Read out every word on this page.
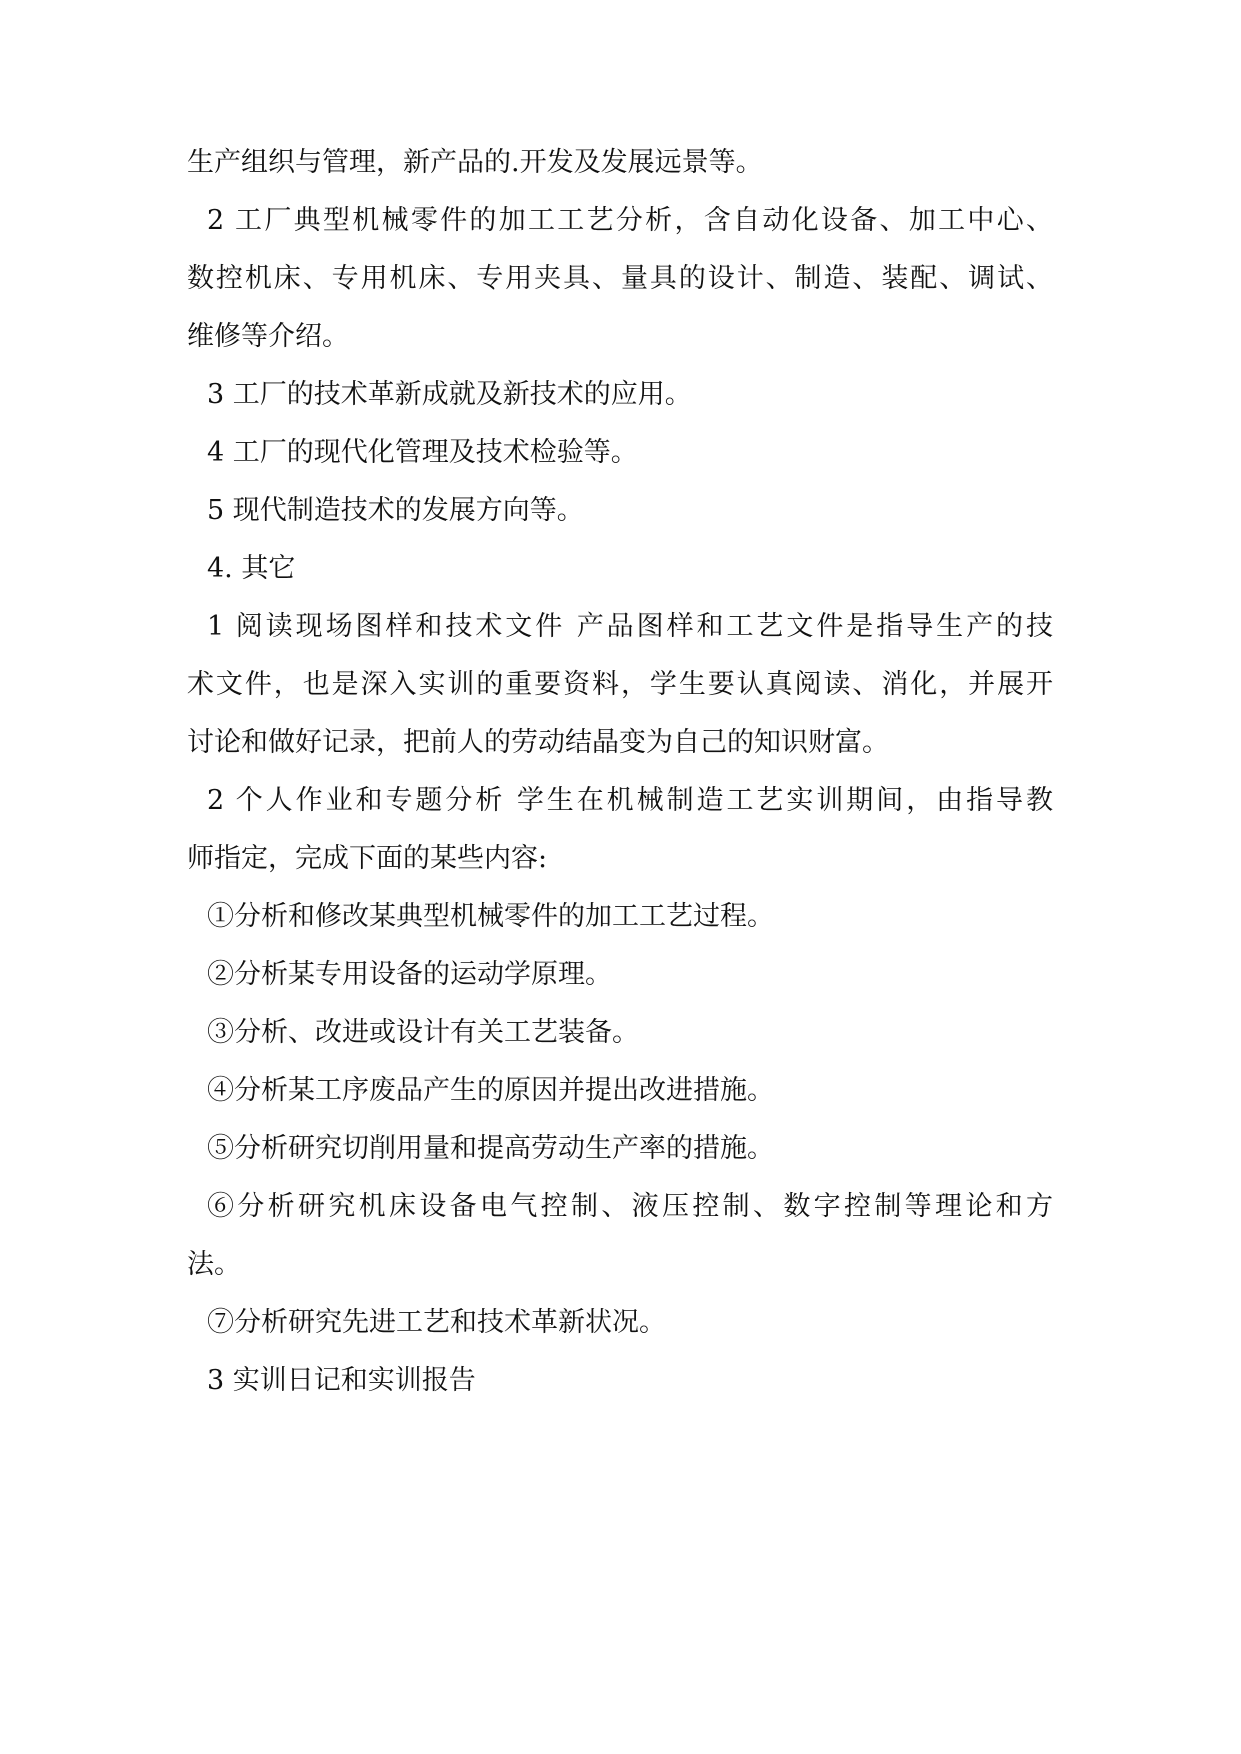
生产组织与管理，新产品的.开发及发展远景等。
2 工厂典型机械零件的加工工艺分析，含自动化设备、加工中心、
数控机床、专用机床、专用夹具、量具的设计、制造、装配、调试、
维修等介绍。
3 工厂的技术革新成就及新技术的应用。
4 工厂的现代化管理及技术检验等。
5 现代制造技术的发展方向等。
4. 其它
1 阅读现场图样和技术文件 产品图样和工艺文件是指导生产的技
术文件，也是深入实训的重要资料，学生要认真阅读、消化，并展开
讨论和做好记录，把前人的劳动结晶变为自己的知识财富。
2 个人作业和专题分析 学生在机械制造工艺实训期间，由指导教
师指定，完成下面的某些内容:
①分析和修改某典型机械零件的加工工艺过程。
②分析某专用设备的运动学原理。
③分析、改进或设计有关工艺装备。
④分析某工序废品产生的原因并提出改进措施。
⑤分析研究切削用量和提高劳动生产率的措施。
⑥分析研究机床设备电气控制、液压控制、数字控制等理论和方
法。
⑦分析研究先进工艺和技术革新状况。
3 实训日记和实训报告
